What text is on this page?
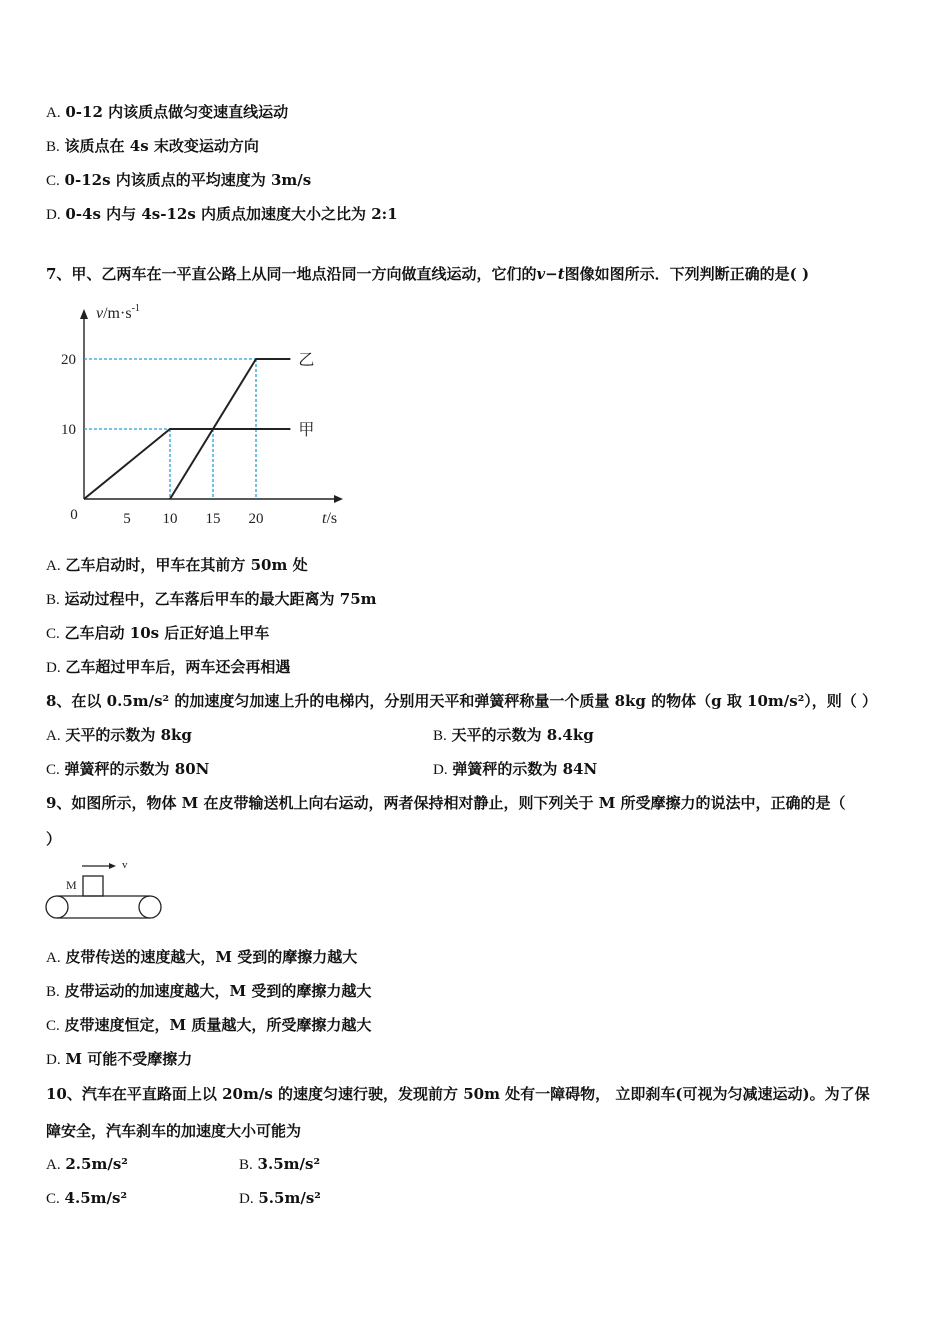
A. 0-12 内该质点做匀变速直线运动
B. 该质点在 4s 末改变运动方向
C. 0-12s 内该质点的平均速度为 3m/s
D. 0-4s 内与 4s-12s 内质点加速度大小之比为 2:1
7、甲、乙两车在一平直公路上从同一地点沿同一方向做直线运动，它们的v−t图像如图所示．下列判断正确的是( )
甲
乙
5 10 15 20
10
20
0	t/s
$v/m\cdot s^{-1}$
A. 乙车启动时，甲车在其前方 50m 处
B. 运动过程中，乙车落后甲车的最大距离为 75m
C. 乙车启动 10s 后正好追上甲车
D. 乙车超过甲车后，两车还会再相遇
8、在以 0.5m/s² 的加速度匀加速上升的电梯内，分别用天平和弹簧秤称量一个质量 8kg 的物体（g 取 10m/s²），则（ ）
A. 天平的示数为 8kg	B. 天平的示数为 8.4kg
C. 弹簧秤的示数为 80N	D. 弹簧秤的示数为 84N
9、如图所示，物体 M 在皮带输送机上向右运动，两者保持相对静止，则下列关于 M 所受摩擦力的说法中，正确的是（
）
M
v
A. 皮带传送的速度越大，M 受到的摩擦力越大
B. 皮带运动的加速度越大，M 受到的摩擦力越大
C. 皮带速度恒定，M 质量越大，所受摩擦力越大
D. M 可能不受摩擦力
10、汽车在平直路面上以 20m/s 的速度匀速行驶，发现前方 50m 处有一障碍物， 立即刹车(可视为匀减速运动)。为了保
障安全，汽车刹车的加速度大小可能为
A. 2.5m/s²	B. 3.5m/s²
C. 4.5m/s²	D. 5.5m/s²
